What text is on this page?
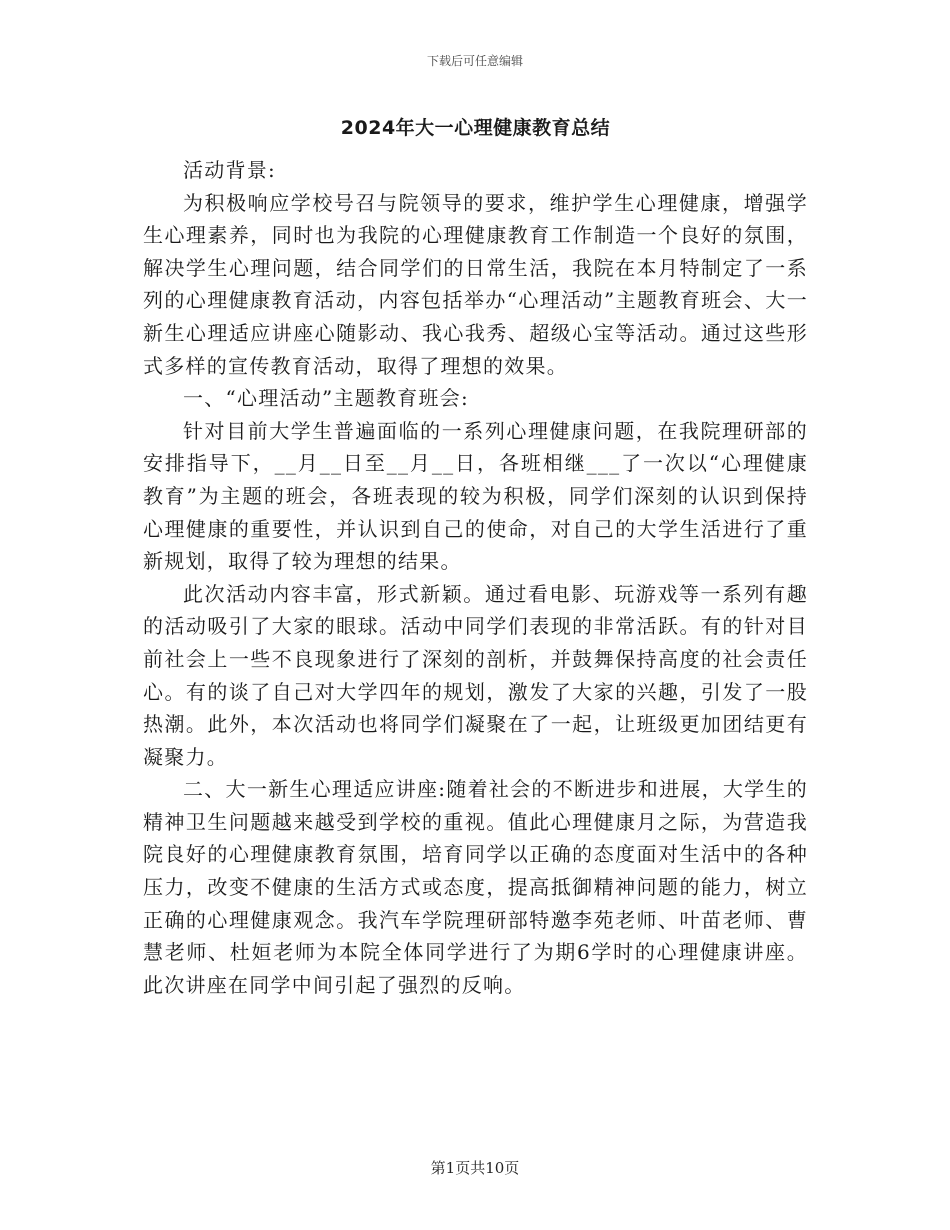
下载后可任意编辑
2024年大一心理健康教育总结

活动背景:

为积极响应学校号召与院领导的要求，维护学生心理健康，增强学生心理素养，同时也为我院的心理健康教育工作制造一个良好的氛围，解决学生心理问题，结合同学们的日常生活，我院在本月特制定了一系列的心理健康教育活动，内容包括举办“心理活动”主题教育班会、大一新生心理适应讲座心随影动、我心我秀、超级心宝等活动。通过这些形式多样的宣传教育活动，取得了理想的效果。

一、“心理活动”主题教育班会:

针对目前大学生普遍面临的一系列心理健康问题，在我院理研部的安排指导下，__月__日至__月__日，各班相继___了一次以“心理健康教育”为主题的班会，各班表现的较为积极，同学们深刻的认识到保持心理健康的重要性，并认识到自己的使命，对自己的大学生活进行了重新规划，取得了较为理想的结果。

此次活动内容丰富，形式新颖。通过看电影、玩游戏等一系列有趣的活动吸引了大家的眼球。活动中同学们表现的非常活跃。有的针对目前社会上一些不良现象进行了深刻的剖析，并鼓舞保持高度的社会责任心。有的谈了自己对大学四年的规划，激发了大家的兴趣，引发了一股热潮。此外，本次活动也将同学们凝聚在了一起，让班级更加团结更有凝聚力。

二、大一新生心理适应讲座:随着社会的不断进步和进展，大学生的精神卫生问题越来越受到学校的重视。值此心理健康月之际，为营造我院良好的心理健康教育氛围，培育同学以正确的态度面对生活中的各种压力，改变不健康的生活方式或态度，提高抵御精神问题的能力，树立正确的心理健康观念。我汽车学院理研部特邀李苑老师、叶苗老师、曹慧老师、杜姮老师为本院全体同学进行了为期6学时的心理健康讲座。此次讲座在同学中间引起了强烈的反响。

第1页共10页
